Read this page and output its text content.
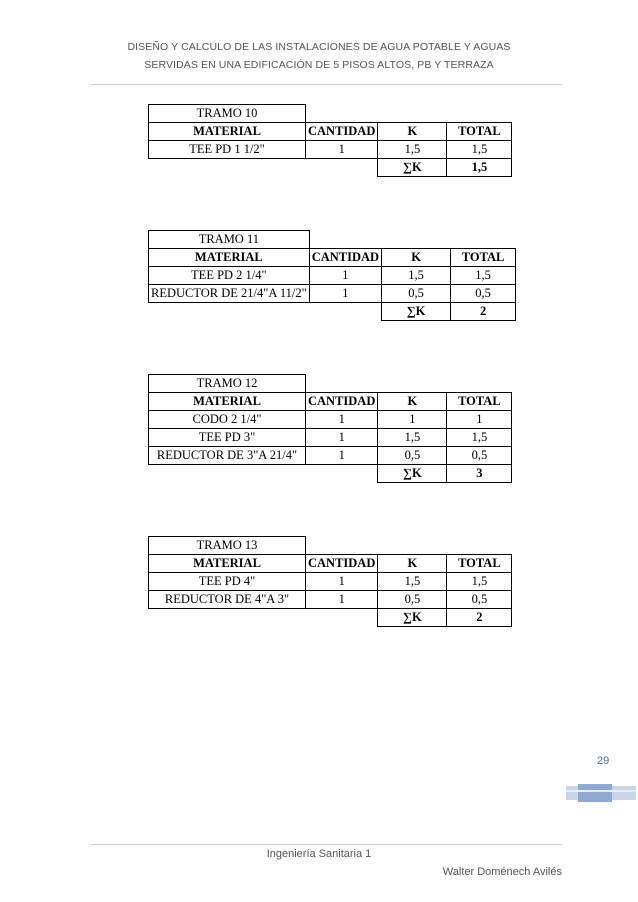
DISEÑO Y CALCULO DE LAS INSTALACIONES DE AGUA POTABLE Y AGUAS
SERVIDAS EN UNA EDIFICACIÓN DE 5 PISOS ALTOS, PB Y TERRAZA
TRAMO 10			
MATERIAL	CANTIDAD	K	TOTAL
TEE PD 1 1/2"	1	1,5	1,5
		∑K	1,5
TRAMO 11			
MATERIAL	CANTIDAD	K	TOTAL
TEE PD 2 1/4"	1	1,5	1,5
REDUCTOR DE 21/4"A 11/2"	1	0,5	0,5
		∑K	2
TRAMO 12			
MATERIAL	CANTIDAD	K	TOTAL
CODO 2 1/4"	1	1	1
TEE PD 3"	1	1,5	1,5
REDUCTOR DE 3"A 21/4"	1	0,5	0,5
		∑K	3
TRAMO 13			
MATERIAL	CANTIDAD	K	TOTAL
TEE PD 4"	1	1,5	1,5
REDUCTOR DE 4"A 3"	1	0,5	0,5
		∑K	2
29
Ingeniería Sanitaria 1
Walter Doménech Avilés
